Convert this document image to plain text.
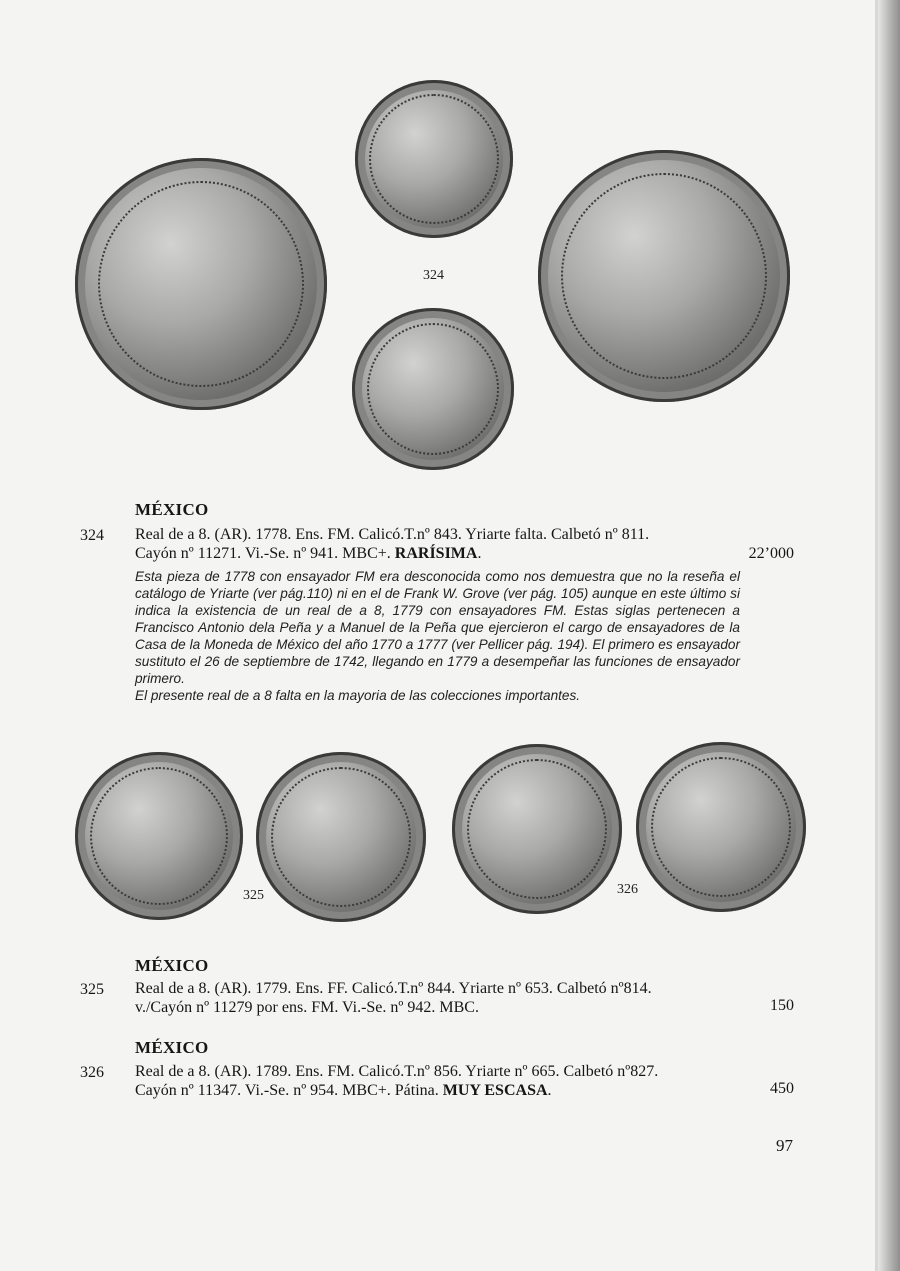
324
MÉXICO
324 Real de a 8. (AR). 1778. Ens. FM. Calicó.T.nº 843. Yriarte falta. Calbetó nº 811.
Cayón nº 11271. Vi.-Se. nº 941. MBC+. RARÍSIMA.	22’000

Esta pieza de 1778 con ensayador FM era desconocida como nos demuestra que no la reseña el catálogo de Yriarte (ver pág.110) ni en el de Frank W. Grove (ver pág. 105) aunque en este último si indica la existencia de un real de a 8, 1779 con ensayadores FM. Estas siglas pertenecen a Francisco Antonio dela Peña y a Manuel de la Peña que ejercieron el cargo de ensayadores de la Casa de la Moneda de México del año 1770 a 1777 (ver Pellicer pág. 194). El primero es ensayador sustituto el 26 de septiembre de 1742, llegando en 1779 a desempeñar las funciones de ensayador primero.

El presente real de a 8 falta en la mayoria de las colecciones importantes.

325	326
MÉXICO
325 Real de a 8. (AR). 1779. Ens. FF. Calicó.T.nº 844. Yriarte nº 653. Calbetó nº814.
v./Cayón nº 11279 por ens. FM. Vi.-Se. nº 942. MBC.	150
MÉXICO
326 Real de a 8. (AR). 1789. Ens. FM. Calicó.T.nº 856. Yriarte nº 665. Calbetó nº827.
Cayón nº 11347. Vi.-Se. nº 954. MBC+. Pátina. MUY ESCASA.	450
97
